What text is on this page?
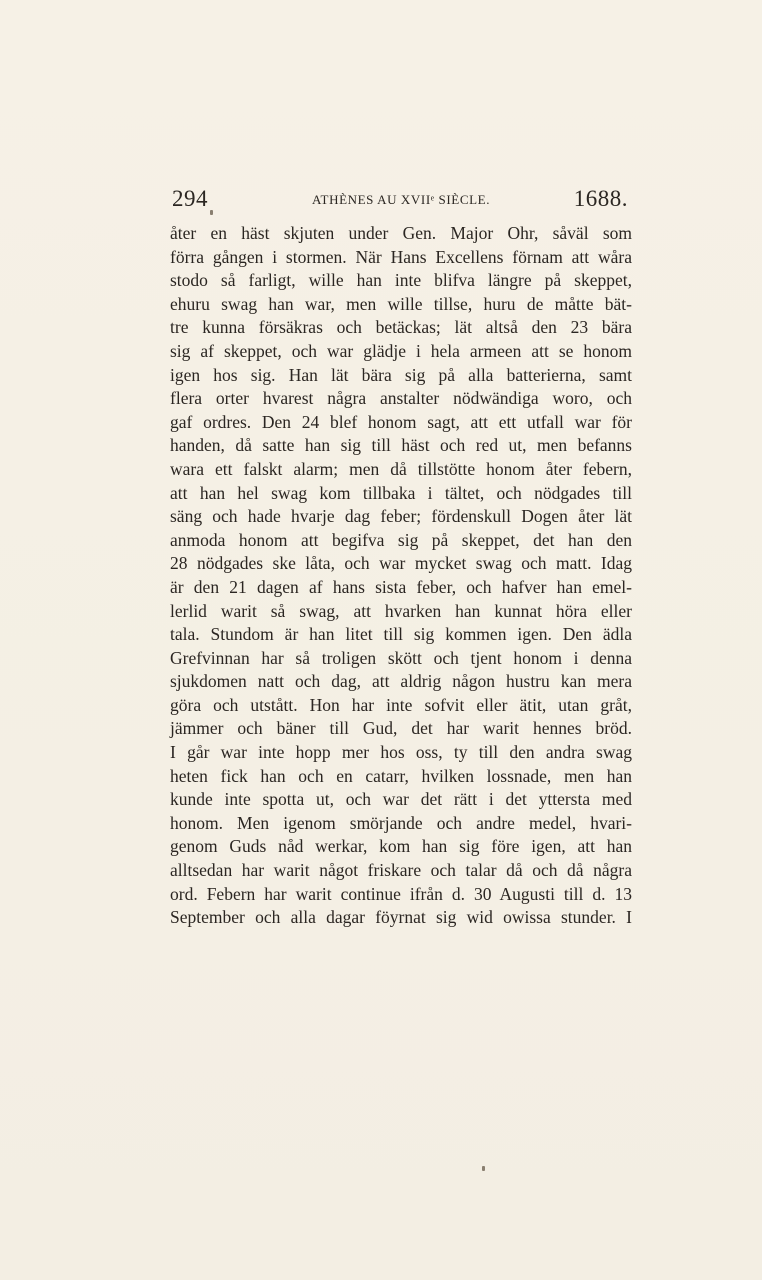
294	ATHÈNES AU XVIIᵉ SIÈCLE.	1688.
åter en häst skjuten under Gen. Major Ohr, såväl som
förra gången i stormen. När Hans Excellens förnam att wåra
stodo så farligt, wille han inte blifva längre på skeppet,
ehuru swag han war, men wille tillse, huru de måtte bät-
tre kunna försäkras och betäckas; lät altså den 23 bära
sig af skeppet, och war glädje i hela armeen att se honom
igen hos sig. Han lät bära sig på alla batterierna, samt
flera orter hvarest några anstalter nödwändiga woro, och
gaf ordres. Den 24 blef honom sagt, att ett utfall war för
handen, då satte han sig till häst och red ut, men befanns
wara ett falskt alarm; men då tillstötte honom åter febern,
att han hel swag kom tillbaka i tältet, och nödgades till
säng och hade hvarje dag feber; fördenskull Dogen åter lät
anmoda honom att begifva sig på skeppet, det han den
28 nödgades ske låta, och war mycket swag och matt. Idag
är den 21 dagen af hans sista feber, och hafver han emel-
lerlid warit så swag, att hvarken han kunnat höra eller
tala. Stundom är han litet till sig kommen igen. Den ädla
Grefvinnan har så troligen skött och tjent honom i denna
sjukdomen natt och dag, att aldrig någon hustru kan mera
göra och utstått. Hon har inte sofvit eller ätit, utan gråt,
jämmer och bäner till Gud, det har warit hennes bröd.
I går war inte hopp mer hos oss, ty till den andra swag
heten fick han och en catarr, hvilken lossnade, men han
kunde inte spotta ut, och war det rätt i det yttersta med
honom. Men igenom smörjande och andre medel, hvari-
genom Guds nåd werkar, kom han sig före igen, att han
alltsedan har warit något friskare och talar då och då några
ord. Febern har warit continue ifrån d. 30 Augusti till d. 13
September och alla dagar föyrnat sig wid owissa stunder. I
